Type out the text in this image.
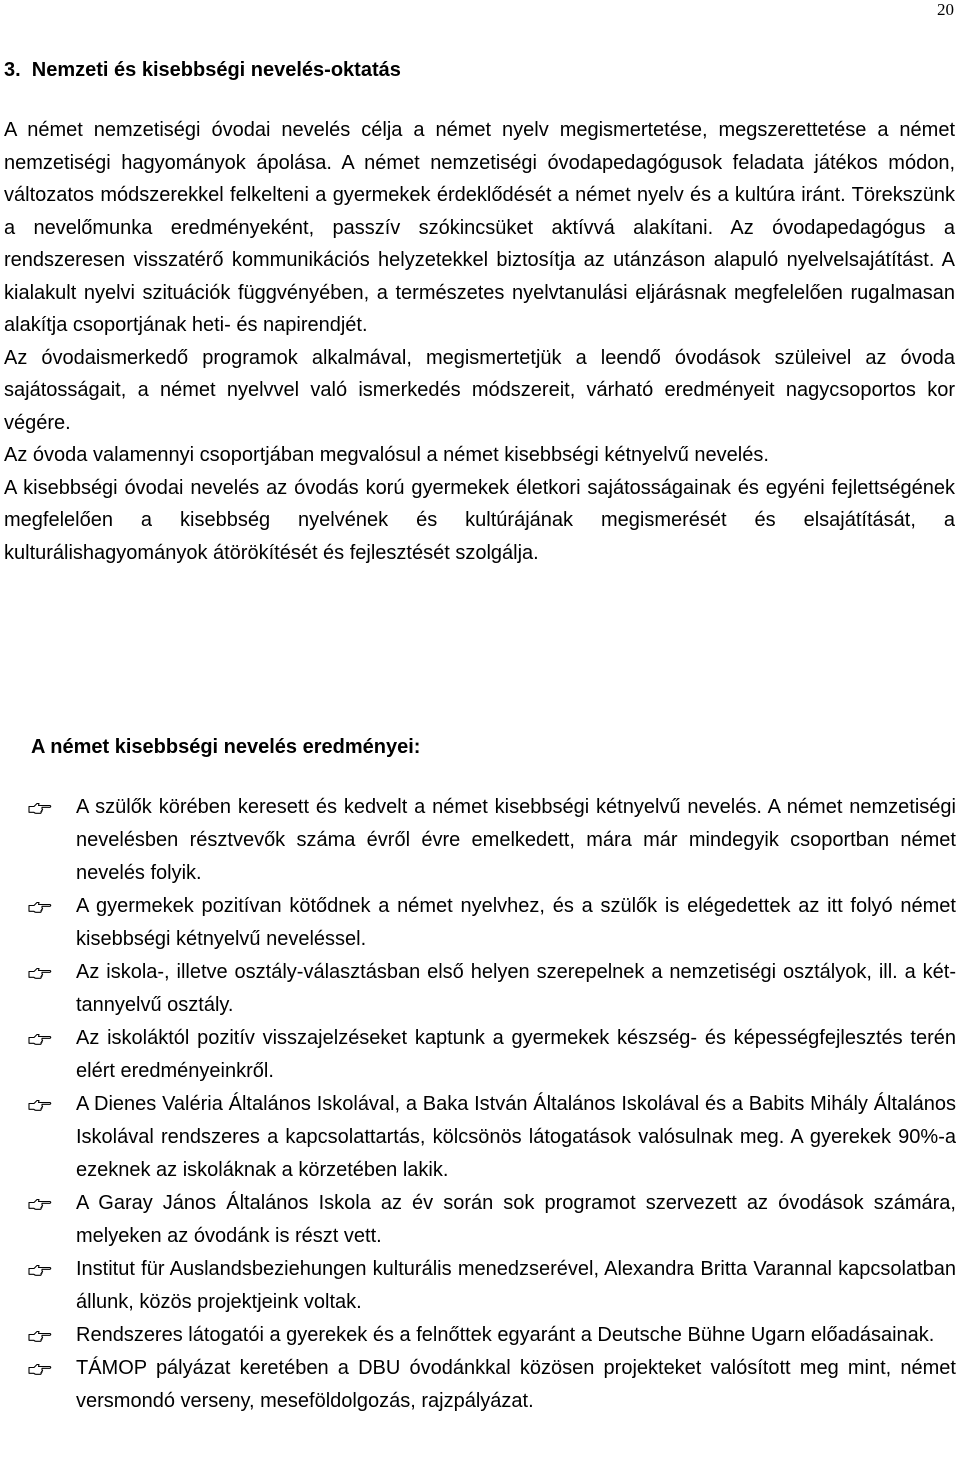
20
3.  Nemzeti és kisebbségi nevelés-oktatás

A német nemzetiségi óvodai nevelés célja a német nyelv megismertetése, megszerettetése a német nemzetiségi hagyományok ápolása. A német nemzetiségi óvodapedagógusok feladata játékos módon, változatos módszerekkel felkelteni a gyermekek érdeklődését a német nyelv és a kultúra iránt. Törekszünk a nevelőmunka eredményeként, passzív szókincsüket aktívvá alakítani. Az óvodapedagógus a rendszeresen visszatérő kommunikációs helyzetekkel biztosítja az utánzáson alapuló nyelvelsajátítást. A kialakult nyelvi szituációk függvényében, a természetes nyelvtanulási eljárásnak megfelelően rugalmasan alakítja csoportjának heti- és napirendjét.

Az óvodaismerkedő programok alkalmával, megismertetjük a leendő óvodások szüleivel az óvoda sajátosságait, a német nyelvvel való ismerkedés módszereit, várható eredményeit nagycsoportos kor végére.

Az óvoda valamennyi csoportjában megvalósul a német kisebbségi kétnyelvű nevelés.

A kisebbségi óvodai nevelés az óvodás korú gyermekek életkori sajátosságainak és egyéni fejlettségének megfelelően a kisebbség nyelvének és kultúrájának megismerését és elsajátítását, a kulturálishagyományok átörökítését és fejlesztését szolgálja.

A német kisebbségi nevelés eredményei:
A szülők körében keresett és kedvelt a német kisebbségi kétnyelvű nevelés. A német nemzetiségi nevelésben résztvevők száma évről évre emelkedett, mára már mindegyik csoportban német nevelés folyik.
A gyermekek pozitívan kötődnek a német nyelvhez, és a szülők is elégedettek az itt folyó német kisebbségi kétnyelvű neveléssel.
Az iskola-, illetve osztály-választásban első helyen szerepelnek a nemzetiségi osztályok, ill. a két-tannyelvű osztály.
Az iskoláktól pozitív visszajelzéseket kaptunk a gyermekek készség- és képességfejlesztés terén elért eredményeinkről.
A Dienes Valéria Általános Iskolával, a Baka István Általános Iskolával és a Babits Mihály Általános Iskolával rendszeres a kapcsolattartás, kölcsönös látogatások valósulnak meg. A gyerekek 90%-a ezeknek az iskoláknak a körzetében lakik.
A Garay János Általános Iskola az év során sok programot szervezett az óvodások számára, melyeken az óvodánk is részt vett.
Institut für Auslandsbeziehungen kulturális menedzserével, Alexandra Britta Varannal kapcsolatban állunk, közös projektjeink voltak.
Rendszeres látogatói a gyerekek és a felnőttek egyaránt a Deutsche Bühne Ugarn előadásainak.
TÁMOP pályázat keretében a DBU óvodánkkal közösen projekteket valósított meg mint, német versmondó verseny, meseföldolgozás, rajzpályázat.
